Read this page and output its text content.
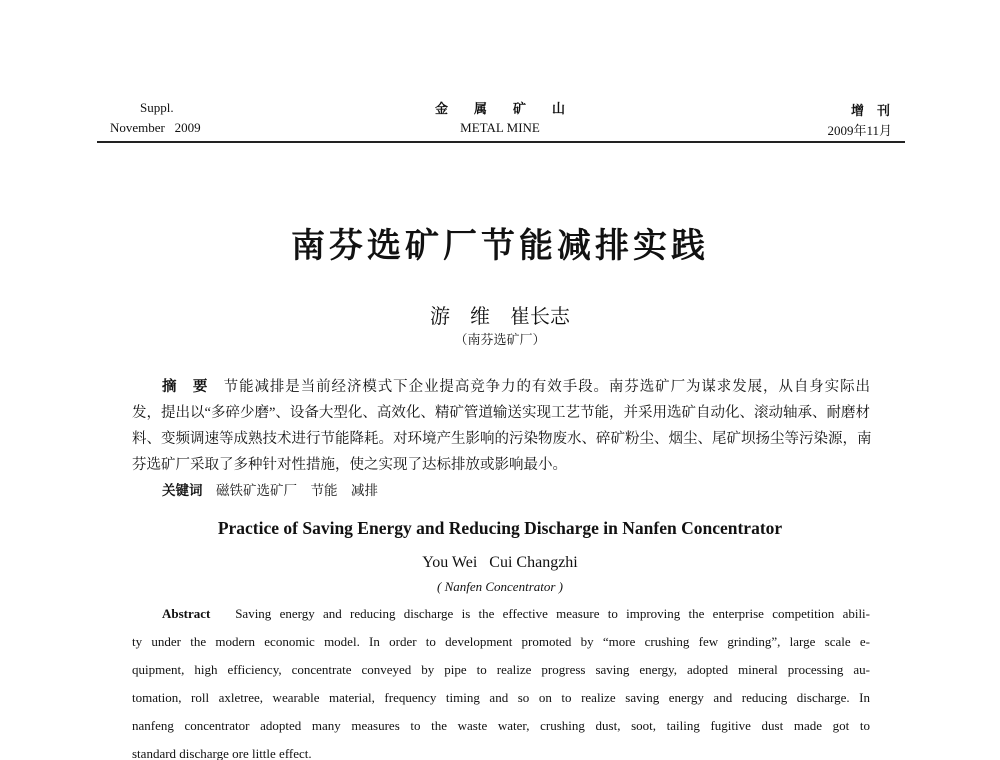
Suppl.
November   2009
金　　属　　矿　　山
METAL MINE
增　刊
2009年11月
南芬选矿厂节能减排实践
游　维　崔长志
（南芬选矿厂）
摘　要　 节能减排是当前经济模式下企业提高竞争力的有效手段。南芬选矿厂为谋求发展，从自身实际出
发，提出以“多碎少磨”、设备大型化、高效化、精矿管道输送实现工艺节能，并采用选矿自动化、滚动轴承、耐磨材
料、变频调速等成熟技术进行节能降耗。对环境产生影响的污染物废水、碎矿粉尘、烟尘、尾矿坝扬尘等污染源，南
芬选矿厂采取了多种针对性措施，使之实现了达标排放或影响最小。
关键词　 磁铁矿选矿厂　节能　减排
Practice of Saving Energy and Reducing Discharge in Nanfen Concentrator
You Wei   Cui Changzhi
( Nanfen Concentrator )
Abstract Saving energy and reducing discharge is the effective measure to improving the enterprise competition abili-
ty under the modern economic model. In order to development promoted by “more crushing few grinding”, large scale e-
quipment, high efficiency, concentrate conveyed by pipe to realize progress saving energy, adopted mineral processing au-
tomation, roll axletree, wearable material, frequency timing and so on to realize saving energy and reducing discharge. In
nanfeng concentrator adopted many measures to the waste water, crushing dust, soot, tailing fugitive dust made got to
standard discharge ore little effect.
